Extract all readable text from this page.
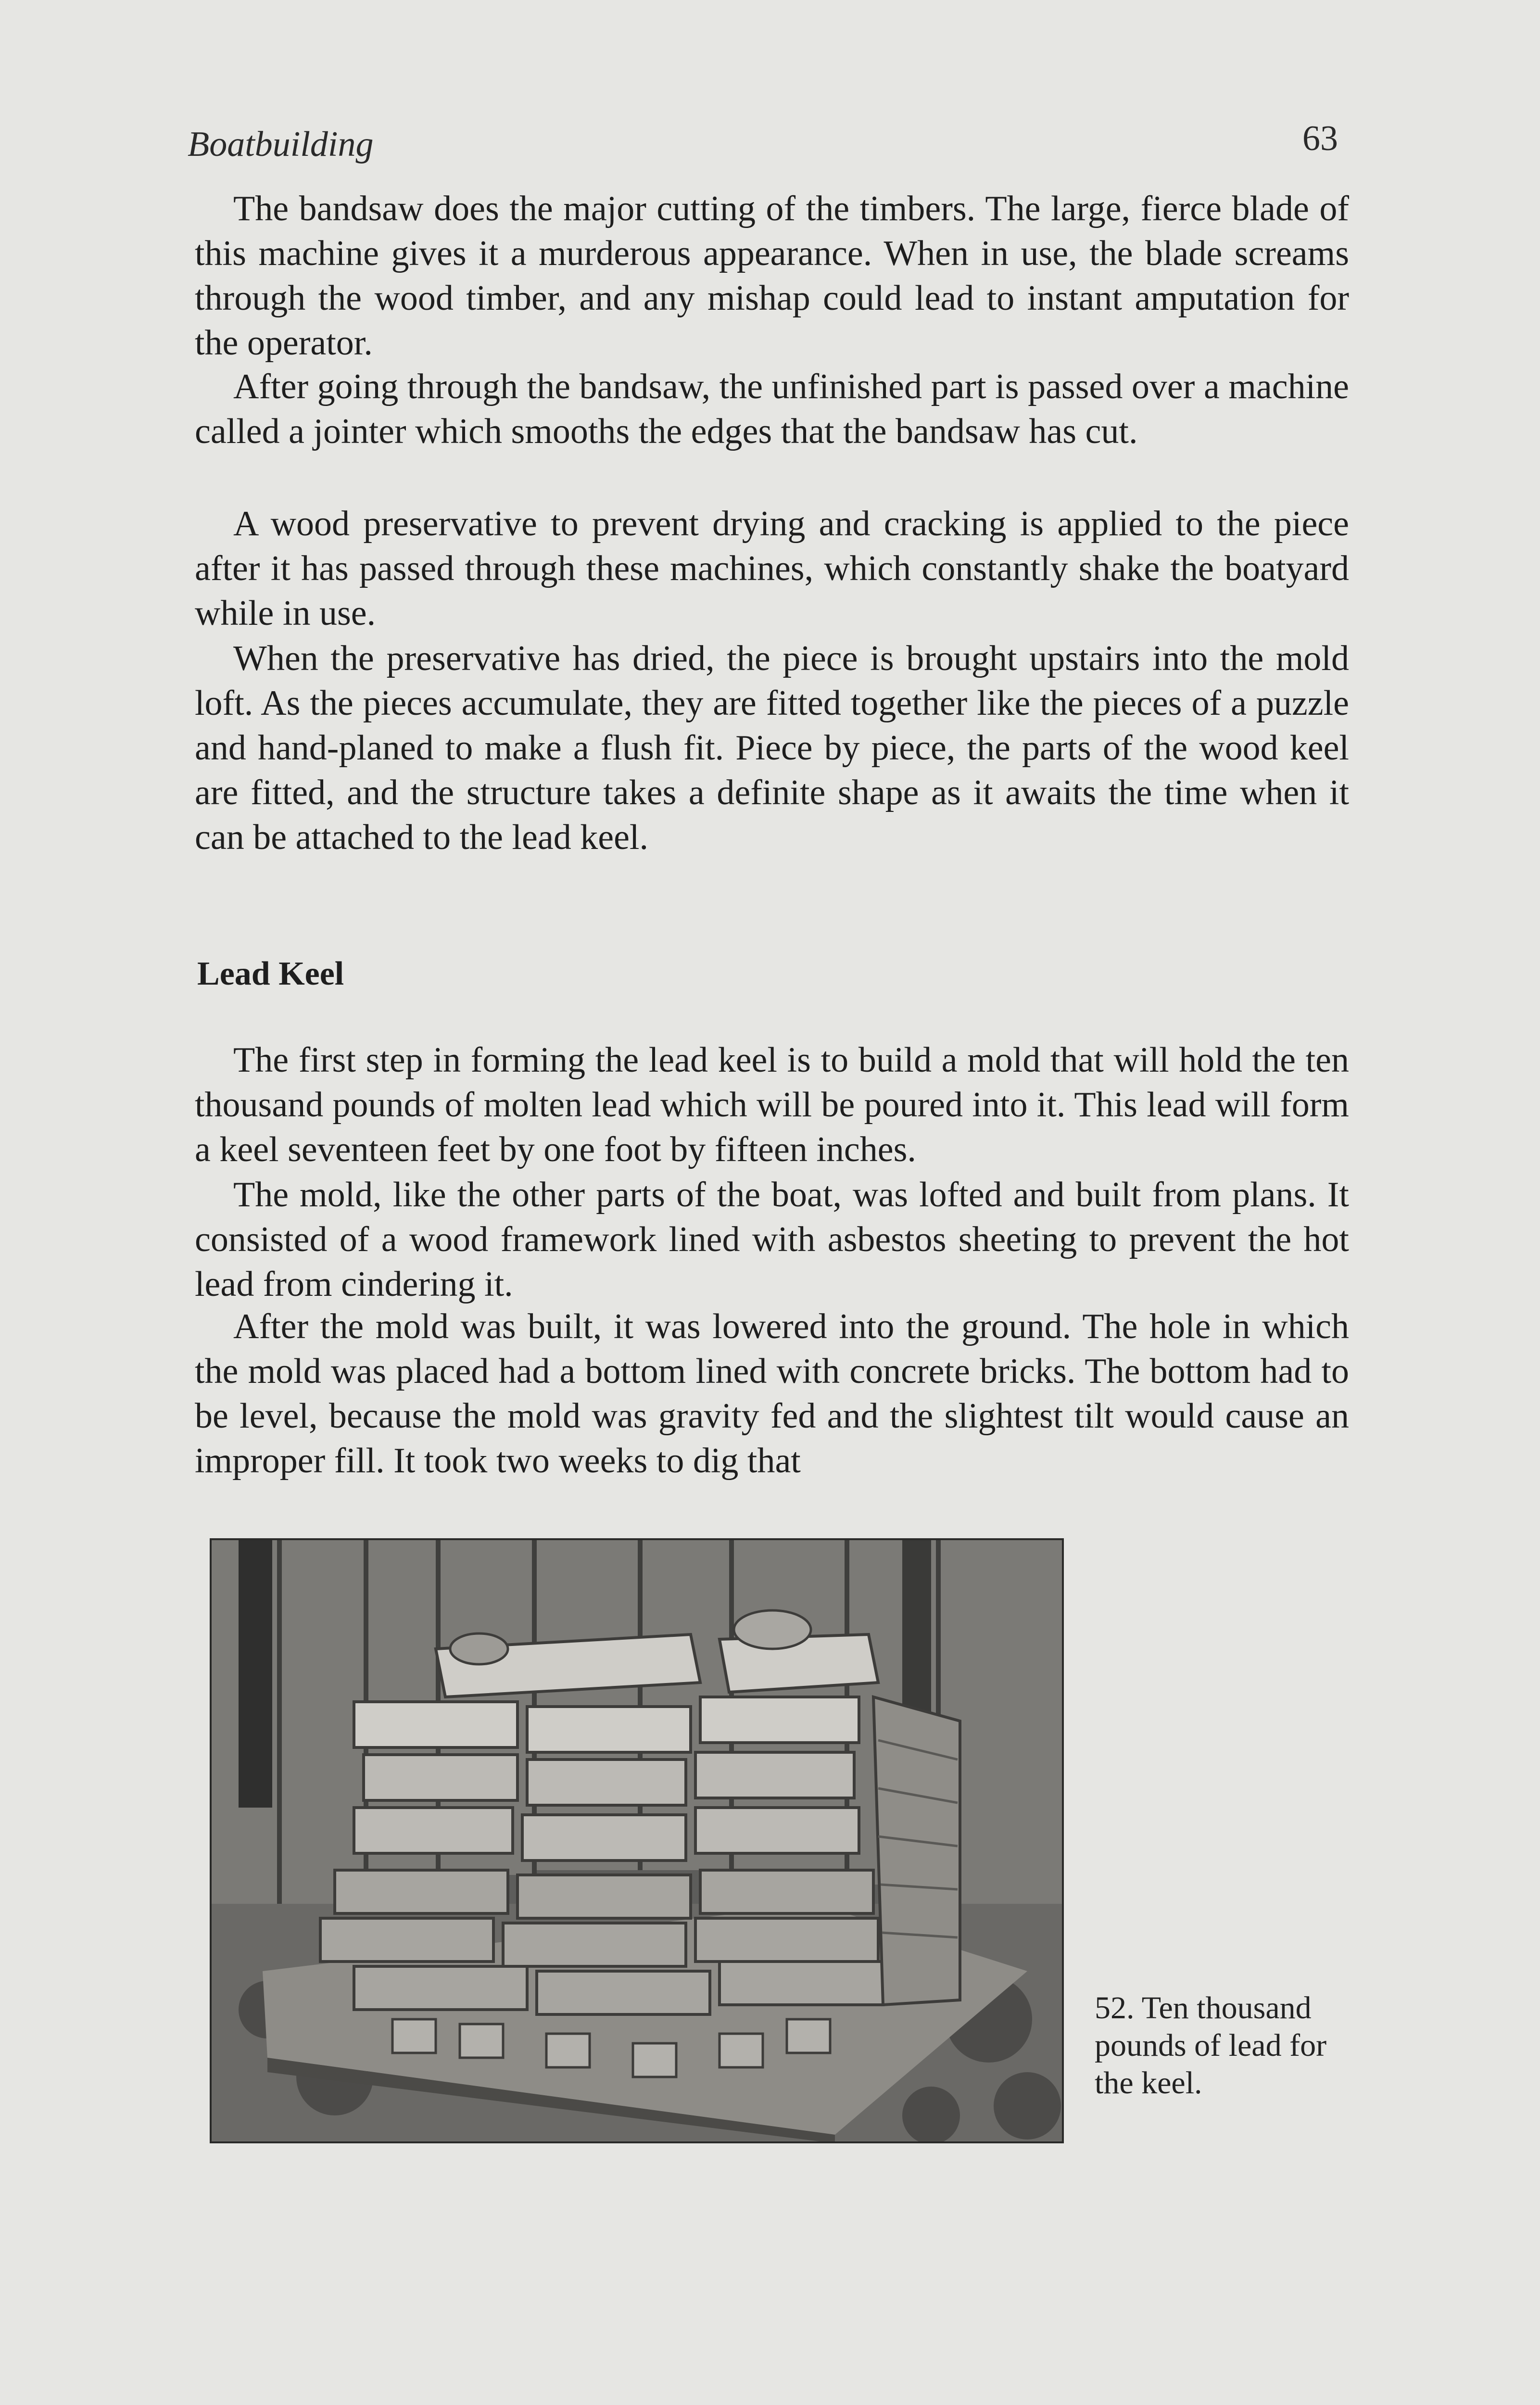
Boatbuilding	63

The bandsaw does the major cutting of the timbers. The large, fierce blade of this machine gives it a murderous appearance. When in use, the blade screams through the wood timber, and any mishap could lead to instant amputation for the operator.

After going through the bandsaw, the unfinished part is passed over a machine called a jointer which smooths the edges that the bandsaw has cut.

A wood preservative to prevent drying and cracking is applied to the piece after it has passed through these machines, which constantly shake the boatyard while in use.

When the preservative has dried, the piece is brought upstairs into the mold loft. As the pieces accumulate, they are fitted together like the pieces of a puzzle and hand-planed to make a flush fit. Piece by piece, the parts of the wood keel are fitted, and the structure takes a definite shape as it awaits the time when it can be attached to the lead keel.

Lead Keel

The first step in forming the lead keel is to build a mold that will hold the ten thousand pounds of molten lead which will be poured into it. This lead will form a keel seventeen feet by one foot by fifteen inches.

The mold, like the other parts of the boat, was lofted and built from plans. It consisted of a wood framework lined with asbestos sheeting to prevent the hot lead from cindering it.

After the mold was built, it was lowered into the ground. The hole in which the mold was placed had a bottom lined with concrete bricks. The bottom had to be level, because the mold was gravity fed and the slightest tilt would cause an improper fill. It took two weeks to dig that

52. Ten thousand pounds of lead for the keel.
